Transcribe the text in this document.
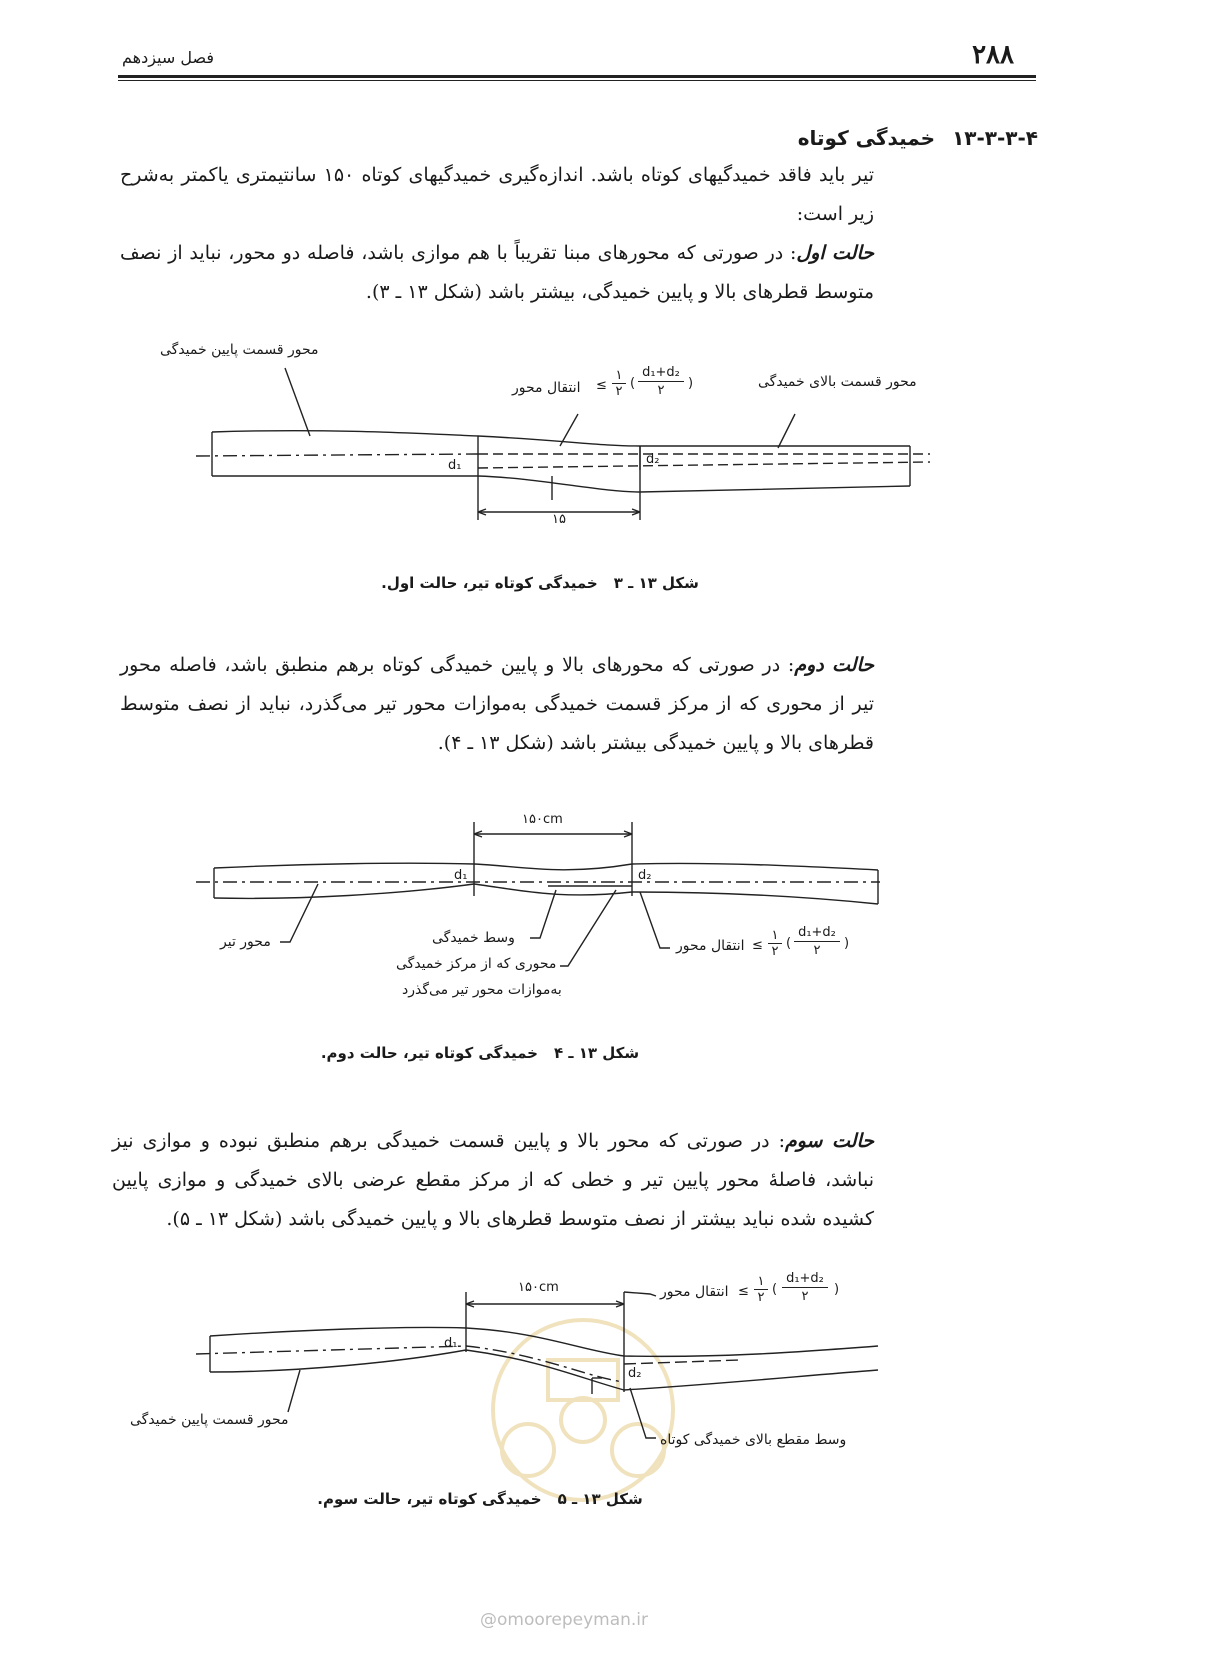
۲۸۸
فصل سیزدهم
۱۳-۳-۳-۴ خمیدگی کوتاه
تیر باید فاقد خمیدگیهای کوتاه باشد. اندازه‌گیری خمیدگیهای کوتاه ۱۵۰ سانتیمتری یاکمتر به‌شرح زیر است:
حالت اول: در صورتی که محورهای مبنا تقریباً با هم موازی باشد، فاصله دو محور، نباید از نصف متوسط قطرهای بالا و پایین خمیدگی، بیشتر باشد (شکل ۱۳ ـ ۳).
محور قسمت پایین خمیدگی
محور قسمت بالای خمیدگی
انتقال محور ≤
۱
۲
(
d₁+d₂
۲	)
d₁	d₂
۱۵
شکل ۱۳ ـ ۳خمیدگی کوتاه تیر، حالت اول.
حالت دوم: در صورتی که محورهای بالا و پایین خمیدگی کوتاه برهم منطبق باشد، فاصله محور تیر از محوری که از مرکز قسمت خمیدگی به‌موازات محور تیر می‌گذرد، نباید از نصف متوسط قطرهای بالا و پایین خمیدگی بیشتر باشد (شکل ۱۳ ـ ۴).
۱۵۰cm
d₁	d₂
محور تیر	وسط خمیدگی
محوری که از مرکز خمیدگی
به‌موازات محور تیر می‌گذرد
انتقال محور ≤
۱
۲
(
d₁+d₂
۲	)
شکل ۱۳ ـ ۴خمیدگی کوتاه تیر، حالت دوم.
حالت سوم: در صورتی که محور بالا و پایین قسمت خمیدگی برهم منطبق نبوده و موازی نیز نباشد، فاصلهٔ محور پایین تیر و خطی که از مرکز مقطع عرضی بالای خمیدگی و موازی پایین کشیده شده نباید بیشتر از نصف متوسط قطرهای بالا و پایین خمیدگی باشد (شکل ۱۳ ـ ۵).
۱۵۰cm
d₁
d₂
انتقال محور ≤
۱
۲
(
d₁+d₂
۲	)
محور قسمت پایین خمیدگی
وسط مقطع بالای خمیدگی کوتاه
شکل ۱۳ ـ ۵خمیدگی کوتاه تیر، حالت سوم.
@omoorepeyman.ir
